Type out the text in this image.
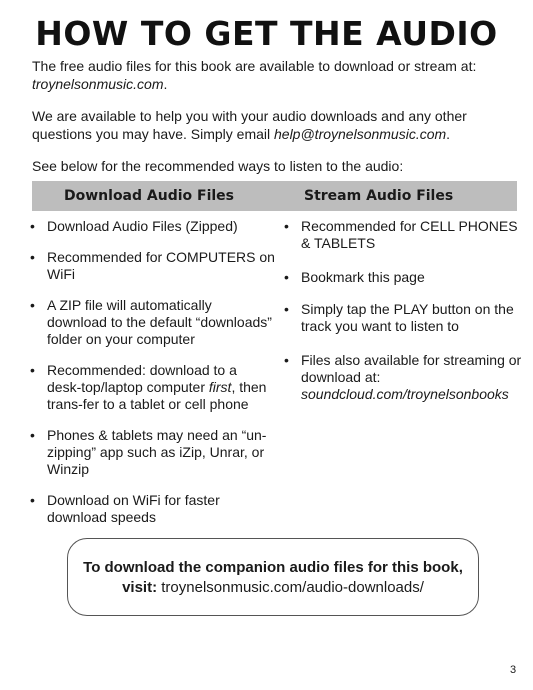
HOW TO GET THE AUDIO

The free audio files for this book are available to download or stream at:
troynelsonmusic.com.

We are available to help you with your audio downloads and any other questions you may have. Simply email help@troynelsonmusic.com.

See below for the recommended ways to listen to the audio:

Download Audio Files	Stream Audio Files
• Download Audio Files (Zipped)
• Recommended for COMPUTERS on WiFi
• A ZIP file will automatically download to the default “downloads” folder on your computer
• Recommended: download to a desk-top/laptop computer first, then trans-fer to a tablet or cell phone
• Phones & tablets may need an “un-zipping” app such as iZip, Unrar, or Winzip
• Download on WiFi for faster download speeds
• Recommended for CELL PHONES & TABLETS
• Bookmark this page
• Simply tap the PLAY button on the track you want to listen to
• Files also available for streaming or download at:
soundcloud.com/troynelsonbooks
To download the companion audio files for this book,
visit: troynelsonmusic.com/audio-downloads/
3
